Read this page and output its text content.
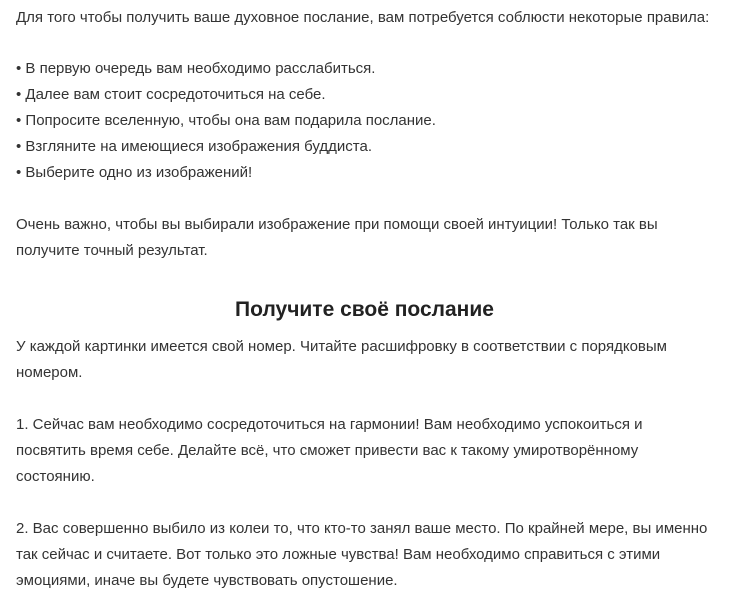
Для того чтобы получить ваше духовное послание, вам потребуется соблюсти некоторые правила:

• В первую очередь вам необходимо расслабиться.
• Далее вам стоит сосредоточиться на себе.
• Попросите вселенную, чтобы она вам подарила послание.
• Взгляните на имеющиеся изображения буддиста.
• Выберите одно из изображений!

Очень важно, чтобы вы выбирали изображение при помощи своей интуиции! Только так вы

получите точный результат.

Получите своё послание

У каждой картинки имеется свой номер. Читайте расшифровку в соответствии с порядковым

номером.

1. Сейчас вам необходимо сосредоточиться на гармонии! Вам необходимо успокоиться и

посвятить время себе. Делайте всё, что сможет привести вас к такому умиротворённому

состоянию.

2. Вас совершенно выбило из колеи то, что кто-то занял ваше место. По крайней мере, вы именно

так сейчас и считаете. Вот только это ложные чувства! Вам необходимо справиться с этими

эмоциями, иначе вы будете чувствовать опустошение.
